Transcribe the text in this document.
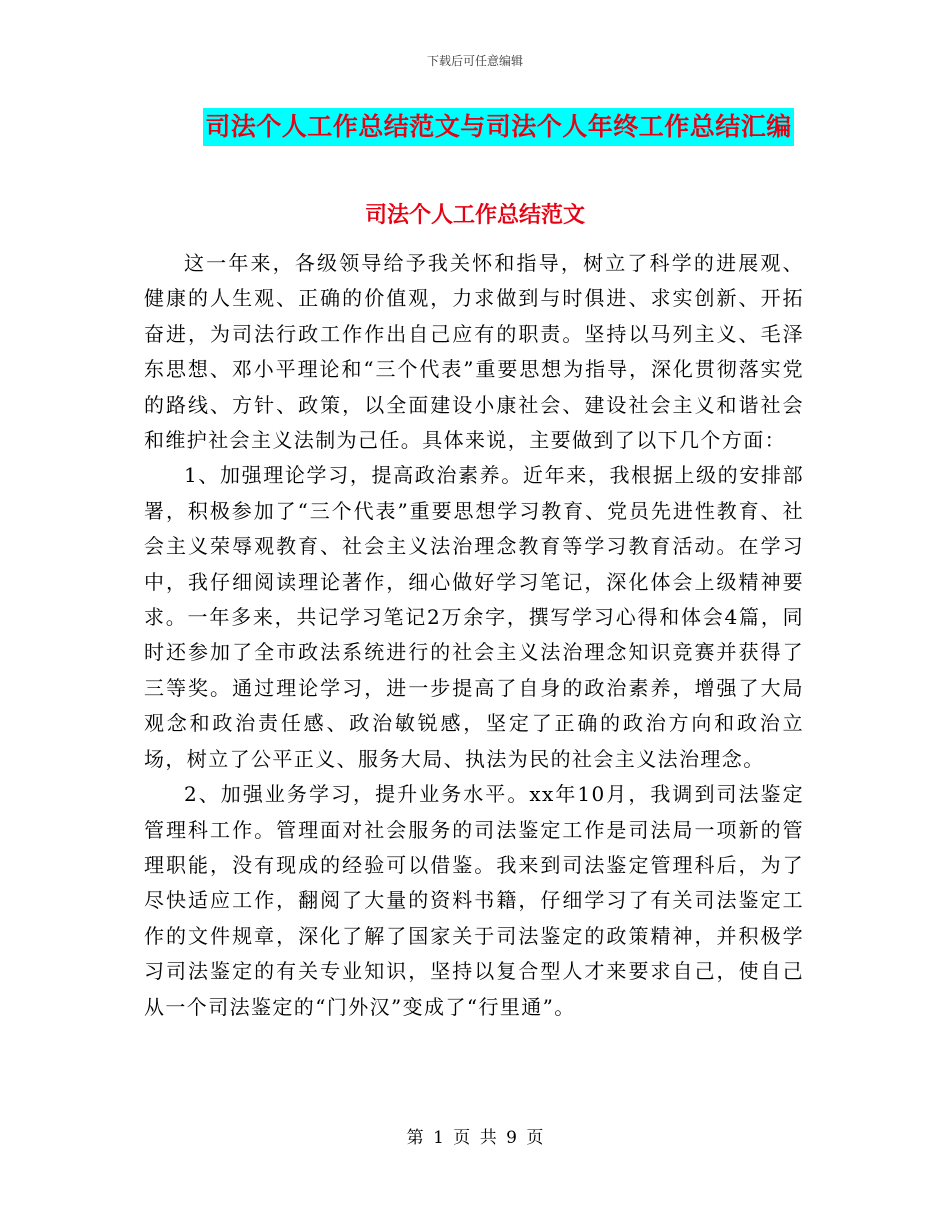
下载后可任意编辑
司法个人工作总结范文与司法个人年终工作总结汇编
司法个人工作总结范文

这一年来，各级领导给予我关怀和指导，树立了科学的进展观、健康的人生观、正确的价值观，力求做到与时俱进、求实创新、开拓奋进，为司法行政工作作出自己应有的职责。坚持以马列主义、毛泽东思想、邓小平理论和“三个代表”重要思想为指导，深化贯彻落实党的路线、方针、政策，以全面建设小康社会、建设社会主义和谐社会和维护社会主义法制为己任。具体来说，主要做到了以下几个方面：

1、加强理论学习，提高政治素养。近年来，我根据上级的安排部署，积极参加了“三个代表”重要思想学习教育、党员先进性教育、社会主义荣辱观教育、社会主义法治理念教育等学习教育活动。在学习中，我仔细阅读理论著作，细心做好学习笔记，深化体会上级精神要求。一年多来，共记学习笔记2万余字，撰写学习心得和体会4篇，同时还参加了全市政法系统进行的社会主义法治理念知识竞赛并获得了三等奖。通过理论学习，进一步提高了自身的政治素养，增强了大局观念和政治责任感、政治敏锐感，坚定了正确的政治方向和政治立场，树立了公平正义、服务大局、执法为民的社会主义法治理念。

2、加强业务学习，提升业务水平。xx年10月，我调到司法鉴定管理科工作。管理面对社会服务的司法鉴定工作是司法局一项新的管理职能，没有现成的经验可以借鉴。我来到司法鉴定管理科后，为了尽快适应工作，翻阅了大量的资料书籍，仔细学习了有关司法鉴定工作的文件规章，深化了解了国家关于司法鉴定的政策精神，并积极学习司法鉴定的有关专业知识，坚持以复合型人才来要求自己，使自己从一个司法鉴定的“门外汉”变成了“行里通”。

第 1 页 共 9 页
